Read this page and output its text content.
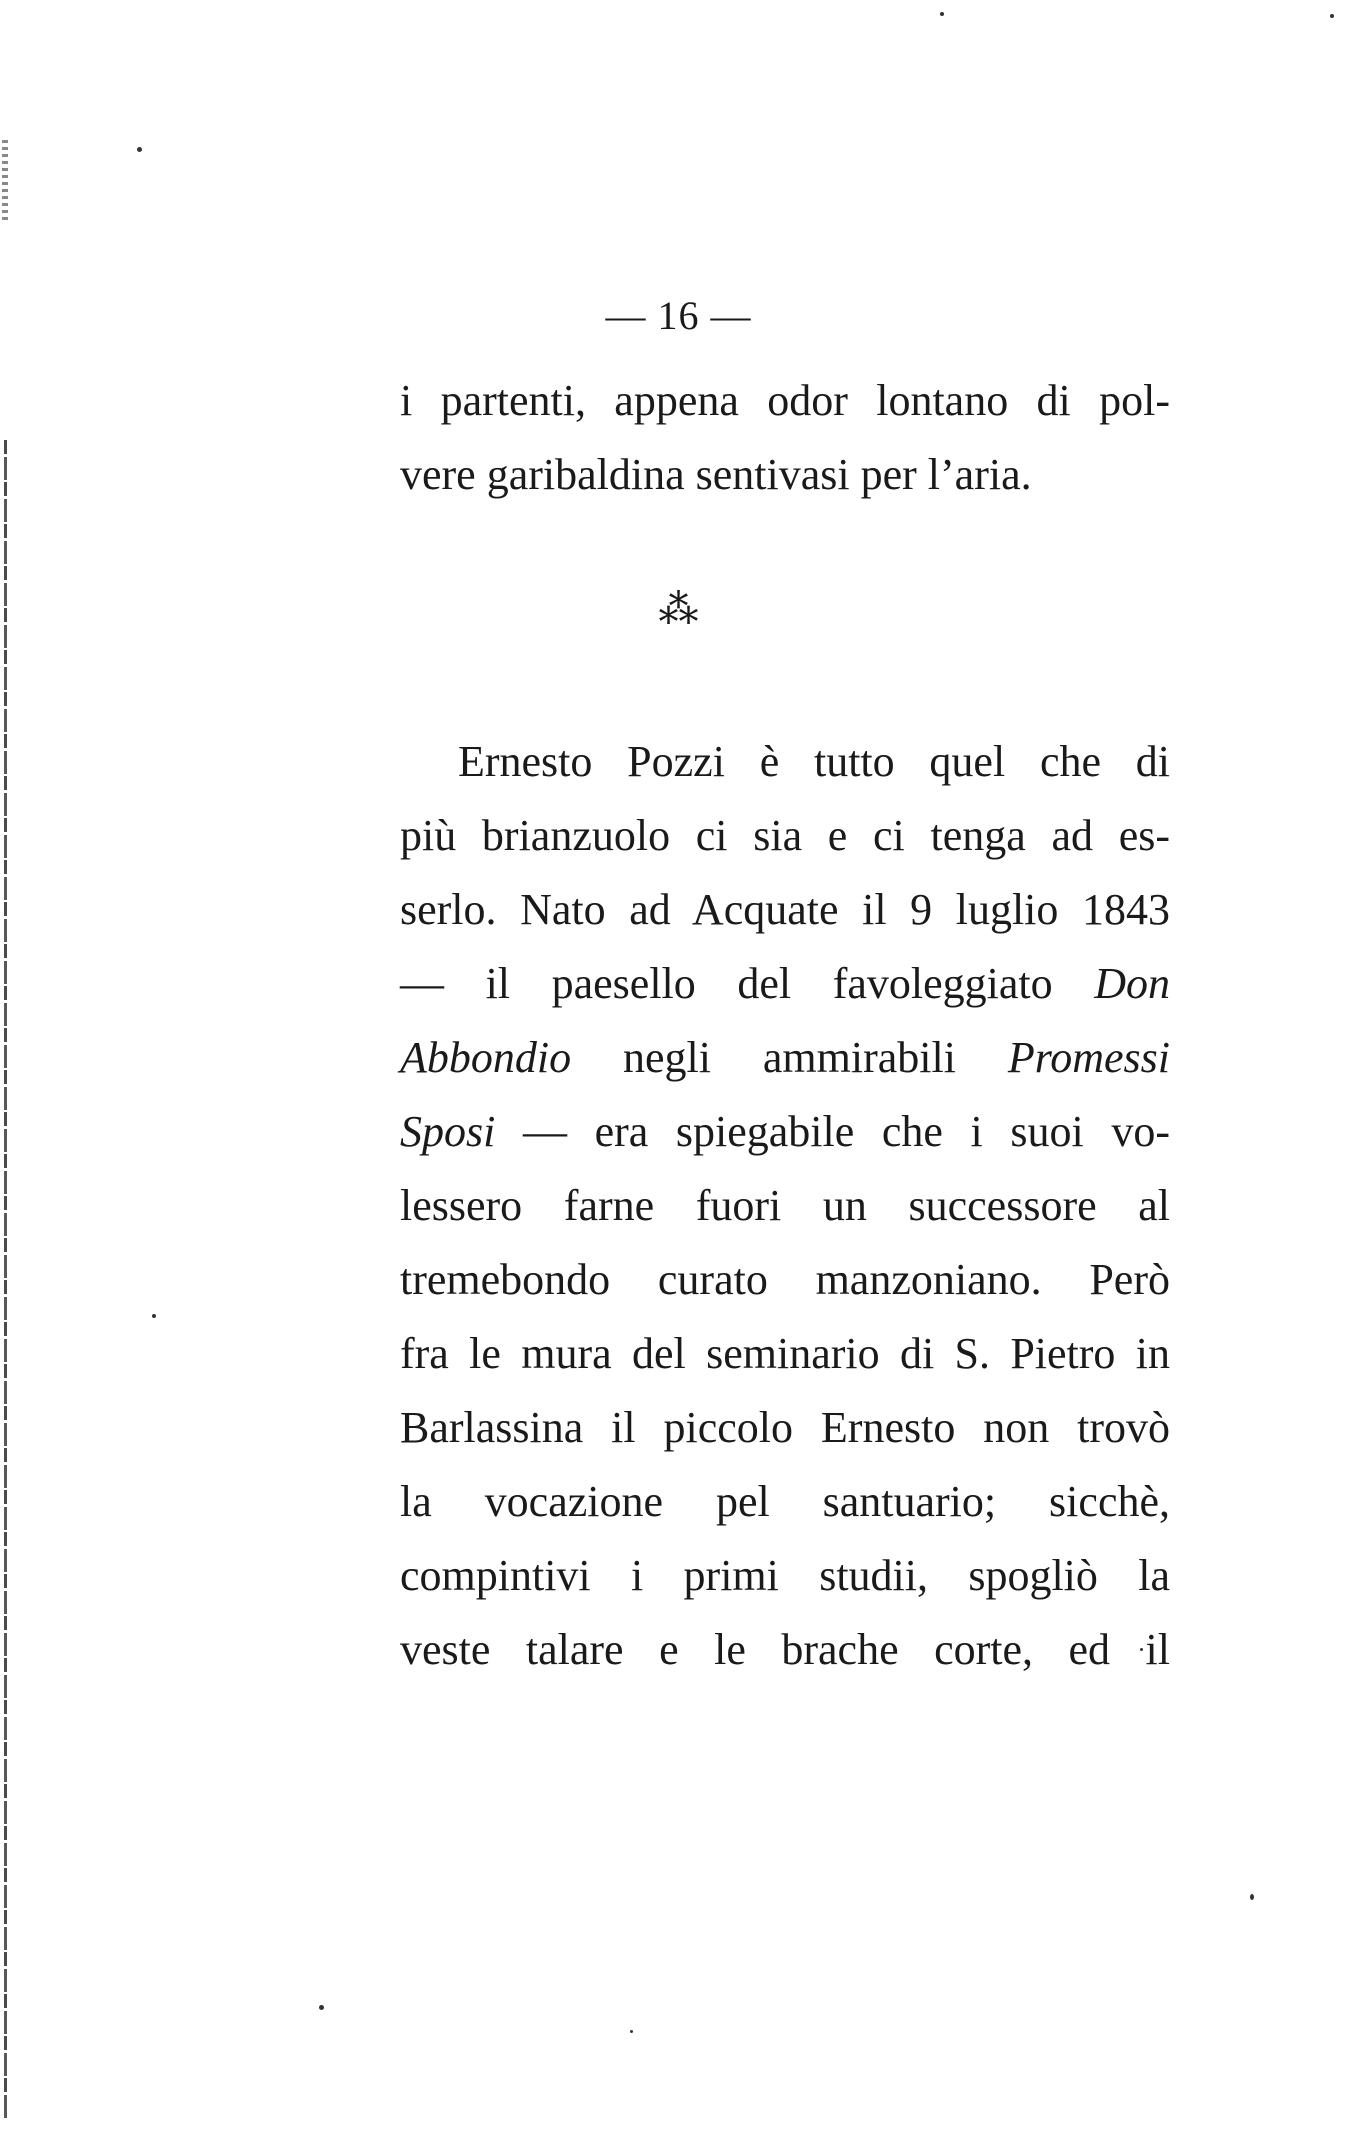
— 16 —
i partenti, appena odor lontano di pol-
vere garibaldina sentivasi per l’aria.
⁂
Ernesto Pozzi è tutto quel che di
più brianzuolo ci sia e ci tenga ad es-
serlo. Nato ad Acquate il 9 luglio 1843
— il paesello del favoleggiato Don
Abbondio negli ammirabili Promessi
Sposi — era spiegabile che i suoi vo-
lessero farne fuori un successore al
tremebondo curato manzoniano. Però
fra le mura del seminario di S. Pietro in
Barlassina il piccolo Ernesto non trovò
la vocazione pel santuario; sicchè,
compintivi i primi studii, spogliò la
veste talare e le brache corte, ed il
